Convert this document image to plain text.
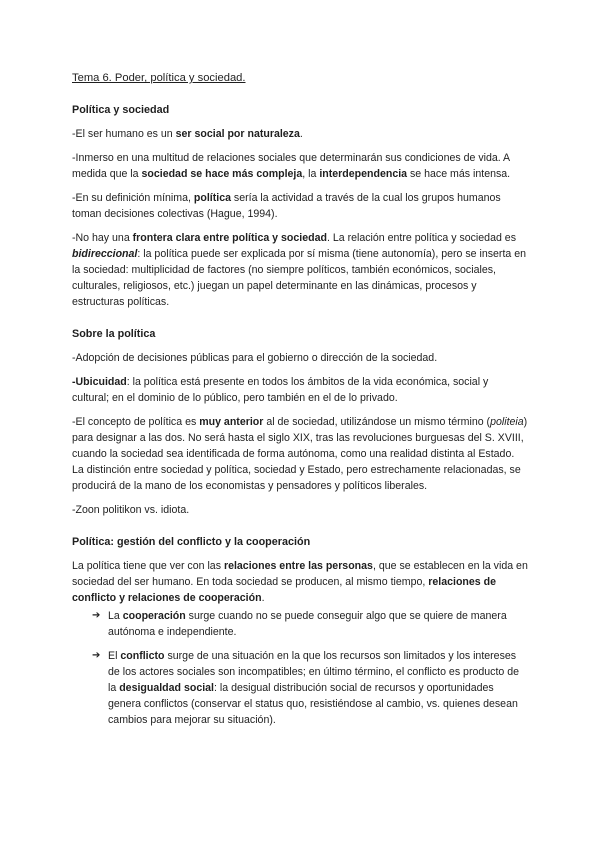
Tema 6. Poder, política y sociedad.

Política y sociedad

-El ser humano es un ser social por naturaleza.

-Inmerso en una multitud de relaciones sociales que determinarán sus condiciones de vida. A medida que la sociedad se hace más compleja, la interdependencia se hace más intensa.

-En su definición mínima, política sería la actividad a través de la cual los grupos humanos toman decisiones colectivas (Hague, 1994).

-No hay una frontera clara entre política y sociedad. La relación entre política y sociedad es bidireccional: la política puede ser explicada por sí misma (tiene autonomía), pero se inserta en la sociedad: multiplicidad de factores (no siempre políticos, también económicos, sociales, culturales, religiosos, etc.) juegan un papel determinante en las dinámicas, procesos y estructuras políticas.

Sobre la política

-Adopción de decisiones públicas para el gobierno o dirección de la sociedad.

-Ubicuidad: la política está presente en todos los ámbitos de la vida económica, social y cultural; en el dominio de lo público, pero también en el de lo privado.

-El concepto de política es muy anterior al de sociedad, utilizándose un mismo término (politeia) para designar a las dos. No será hasta el siglo XIX, tras las revoluciones burguesas del S. XVIII, cuando la sociedad sea identificada de forma autónoma, como una realidad distinta al Estado. La distinción entre sociedad y política, sociedad y Estado, pero estrechamente relacionadas, se producirá de la mano de los economistas y pensadores y políticos liberales.

-Zoon politikon vs. idiota.

Política: gestión del conflicto y la cooperación

La política tiene que ver con las relaciones entre las personas, que se establecen en la vida en sociedad del ser humano. En toda sociedad se producen, al mismo tiempo, relaciones de conflicto y relaciones de cooperación.

➔ La cooperación surge cuando no se puede conseguir algo que se quiere de manera autónoma e independiente.
➔ El conflicto surge de una situación en la que los recursos son limitados y los intereses de los actores sociales son incompatibles; en último término, el conflicto es producto de la desigualdad social: la desigual distribución social de recursos y oportunidades genera conflictos (conservar el status quo, resistiéndose al cambio, vs. quienes desean cambios para mejorar su situación).
